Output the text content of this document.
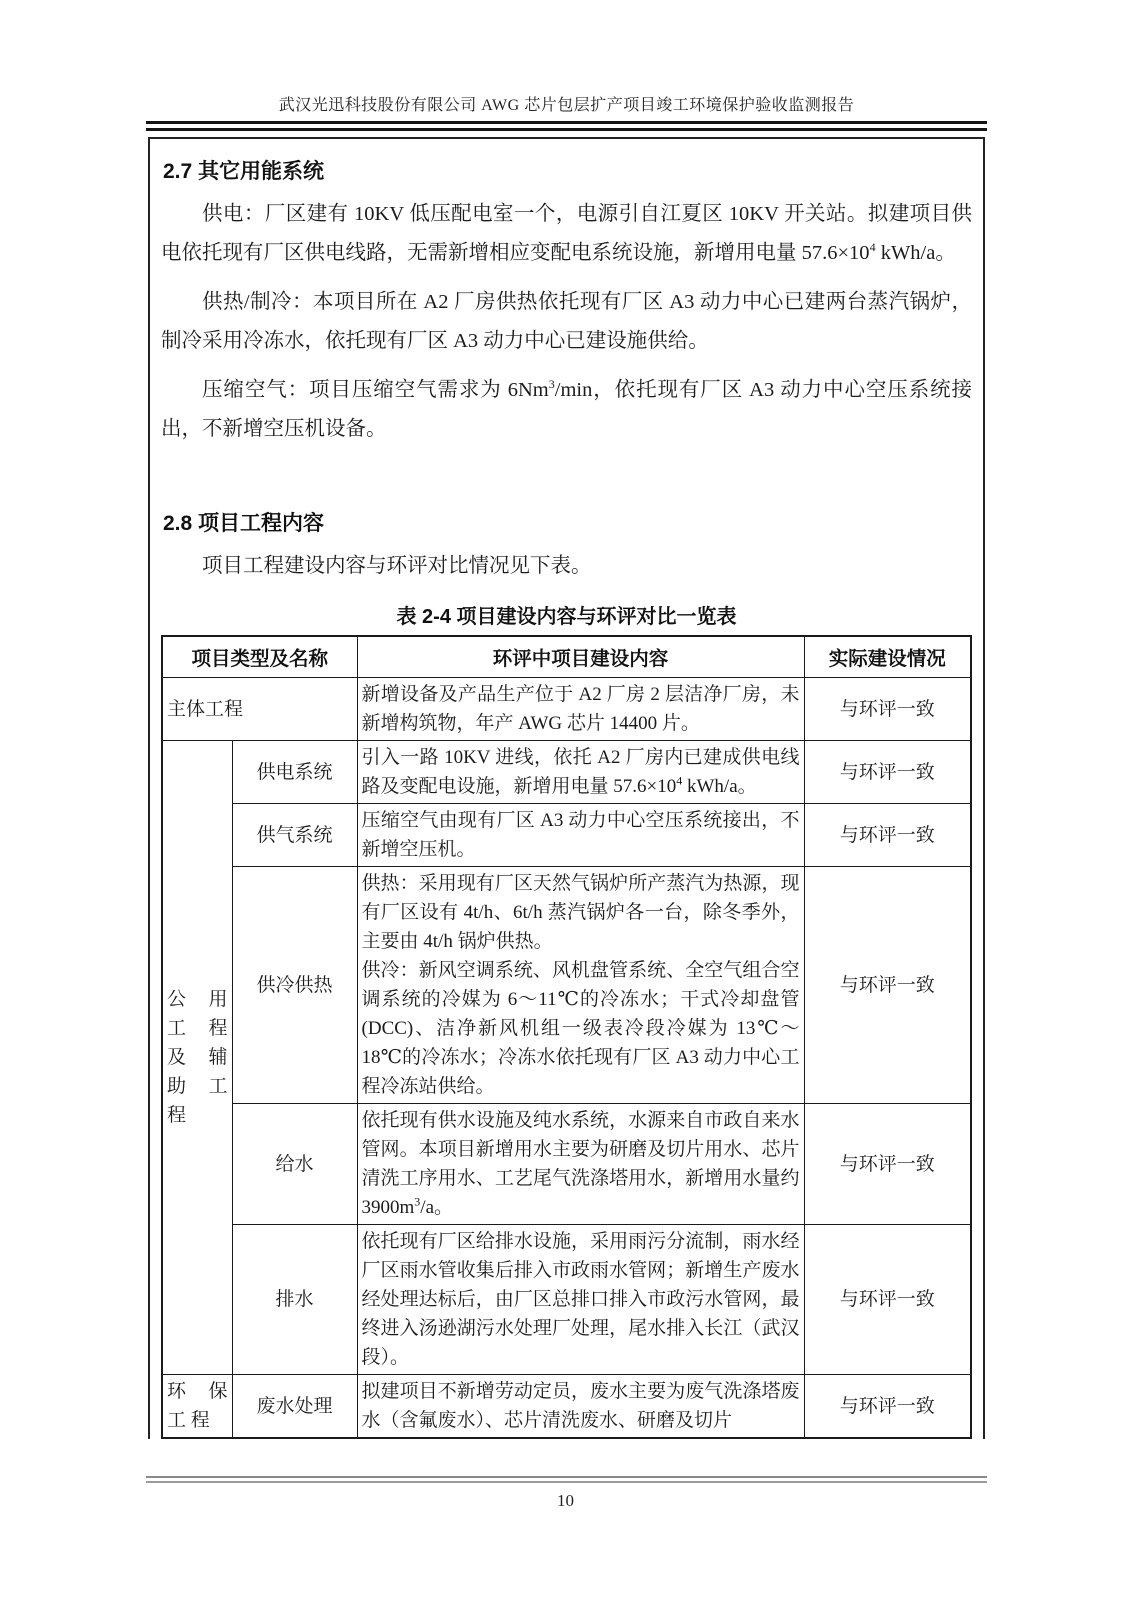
武汉光迅科技股份有限公司 AWG 芯片包层扩产项目竣工环境保护验收监测报告
2.7 其它用能系统

供电：厂区建有 10KV 低压配电室一个，电源引自江夏区 10KV 开关站。拟建项目供电依托现有厂区供电线路，无需新增相应变配电系统设施，新增用电量 $57.6\times 10^4$ kWh/a。

供热/制冷：本项目所在 A2 厂房供热依托现有厂区 A3 动力中心已建两台蒸汽锅炉，制冷采用冷冻水，依托现有厂区 A3 动力中心已建设施供给。

压缩空气：项目压缩空气需求为 6Nm$^3$/min，依托现有厂区 A3 动力中心空压系统接出，不新增空压机设备。

2.8 项目工程内容

项目工程建设内容与环评对比情况见下表。

表 2-4 项目建设内容与环评对比一览表
项目类型及名称		环评中项目建设内容	实际建设情况
主体工程		新增设备及产品生产位于 A2 厂房 2 层洁净厂房，未新增构筑物，年产 AWG 芯片 14400 片。	与环评一致
公 用 工 程 及 辅 助 工 程	供电系统	引入一路 10KV 进线，依托 A2 厂房内已建成供电线路及变配电设施，新增用电量 $57.6\times 10^4$ kWh/a。	与环评一致
	供气系统	压缩空气由现有厂区 A3 动力中心空压系统接出，不新增空压机。	与环评一致
	供冷供热	供热：采用现有厂区天然气锅炉所产蒸汽为热源，现有厂区设有 4t/h、6t/h 蒸汽锅炉各一台，除冬季外，主要由 4t/h 锅炉供热。
供冷：新风空调系统、风机盘管系统、全空气组合空调系统的冷媒为 6～11℃的冷冻水；干式冷却盘管(DCC)、洁净新风机组一级表冷段冷媒为 13℃～18℃的冷冻水；冷冻水依托现有厂区 A3 动力中心工程冷冻站供给。	与环评一致
	给水	依托现有供水设施及纯水系统，水源来自市政自来水管网。本项目新增用水主要为研磨及切片用水、芯片清洗工序用水、工艺尾气洗涤塔用水，新增用水量约 $3900m^3/a$。	与环评一致
	排水	依托现有厂区给排水设施，采用雨污分流制，雨水经厂区雨水管收集后排入市政雨水管网；新增生产废水经处理达标后，由厂区总排口排入市政污水管网，最终进入汤逊湖污水处理厂处理，尾水排入长江（武汉段）。	与环评一致
环 保 工 程	废水处理	拟建项目不新增劳动定员，废水主要为废气洗涤塔废水（含氟废水）、芯片清洗废水、研磨及切片	与环评一致
10
